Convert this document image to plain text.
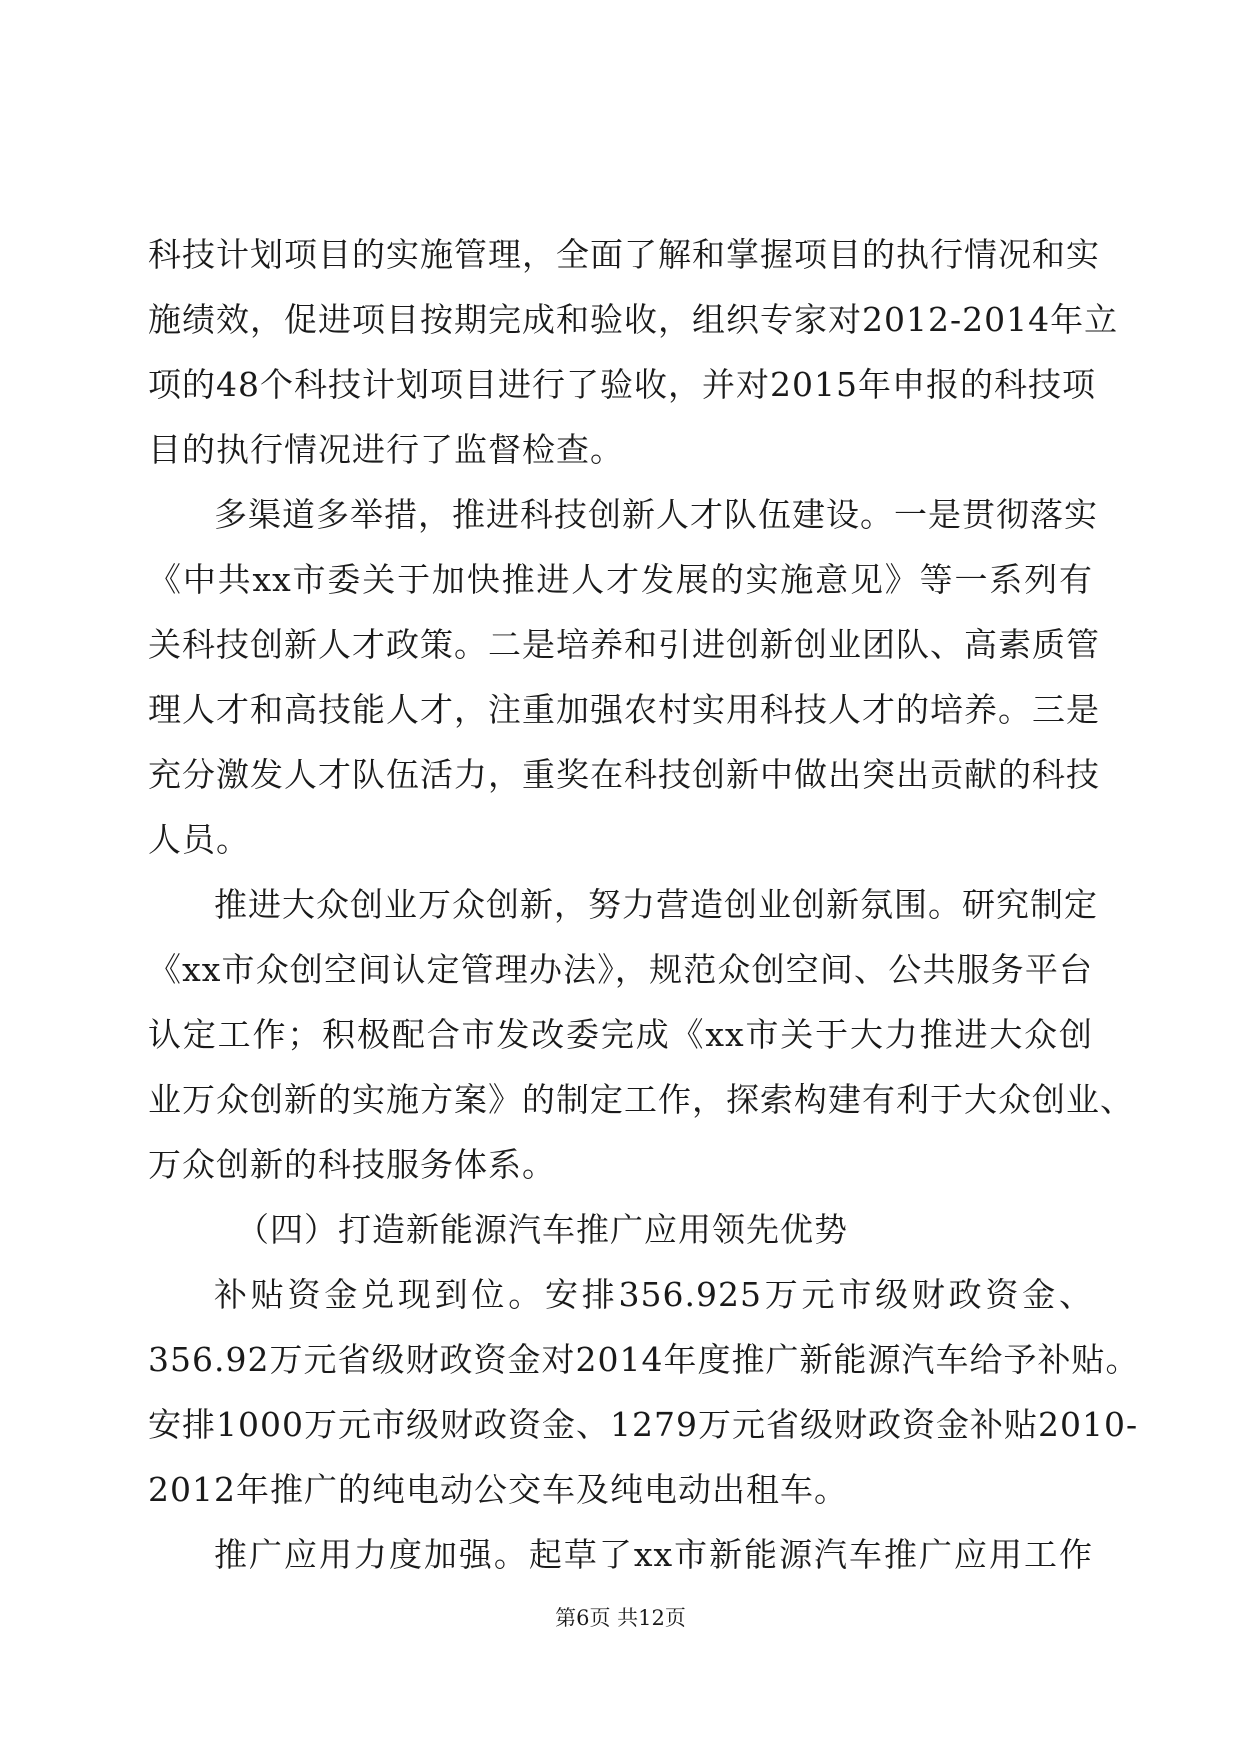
科技计划项目的实施管理，全面了解和掌握项目的执行情况和实
施绩效，促进项目按期完成和验收，组织专家对2012-2014年立
项的48个科技计划项目进行了验收，并对2015年申报的科技项
目的执行情况进行了监督检查。
多渠道多举措，推进科技创新人才队伍建设。一是贯彻落实
《中共xx市委关于加快推进人才发展的实施意见》等一系列有
关科技创新人才政策。二是培养和引进创新创业团队、高素质管
理人才和高技能人才，注重加强农村实用科技人才的培养。三是
充分激发人才队伍活力，重奖在科技创新中做出突出贡献的科技
人员。
推进大众创业万众创新，努力营造创业创新氛围。研究制定
《xx市众创空间认定管理办法》，规范众创空间、公共服务平台
认定工作；积极配合市发改委完成《xx市关于大力推进大众创
业万众创新的实施方案》的制定工作，探索构建有利于大众创业、
万众创新的科技服务体系。
（四）打造新能源汽车推广应用领先优势
补贴资金兑现到位。安排356.925万元市级财政资金、
356.92万元省级财政资金对2014年度推广新能源汽车给予补贴。
安排1000万元市级财政资金、1279万元省级财政资金补贴2010-
2012年推广的纯电动公交车及纯电动出租车。
推广应用力度加强。起草了xx市新能源汽车推广应用工作
第6页 共12页
